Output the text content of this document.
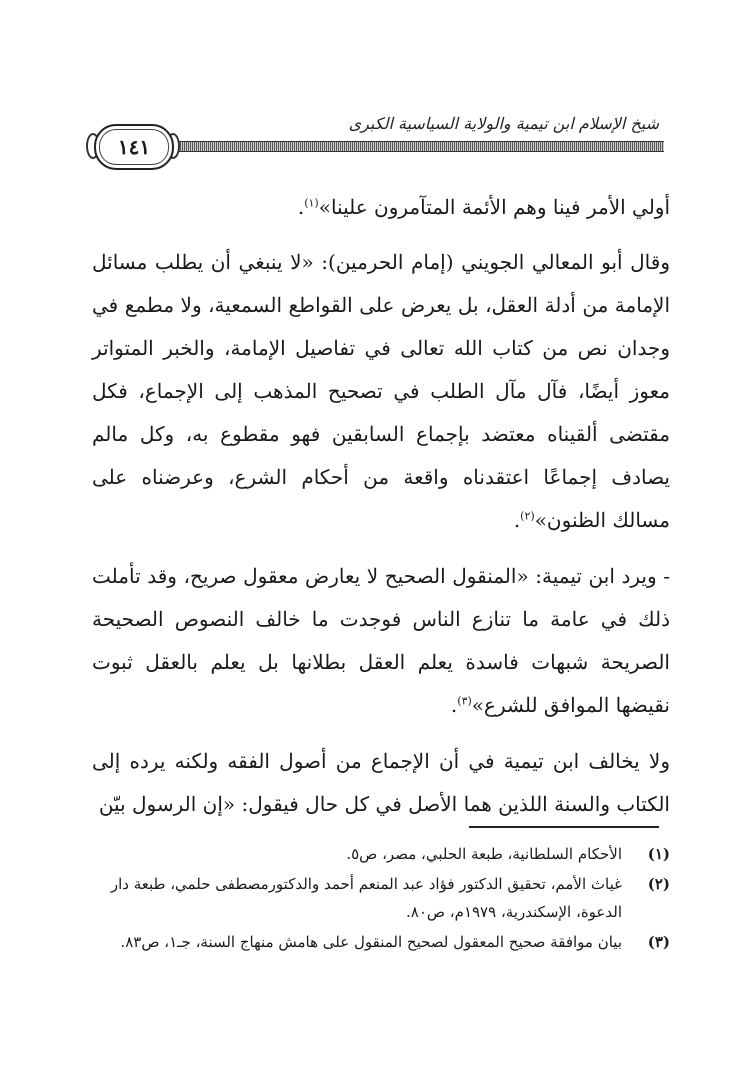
شيخ الإسلام ابن تيمية والولاية السياسية الكبرى
١٤١

أولي الأمر فينا وهم الأئمة المتآمرون علينا»$^{(١)}$.

وقال أبو المعالي الجويني (إمام الحرمين): «لا ينبغي أن يطلب مسائل الإمامة من أدلة العقل، بل يعرض على القواطع السمعية، ولا مطمع في وجدان نص من كتاب الله تعالى في تفاصيل الإمامة، والخبر المتواتر معوز أيضًا، فآل مآل الطلب في تصحيح المذهب إلى الإجماع، فكل مقتضى ألقيناه معتضد بإجماع السابقين فهو مقطوع به، وكل مالم يصادف إجماعًا اعتقدناه واقعة من أحكام الشرع، وعرضناه على مسالك الظنون»$^{(٢)}$.

- ويرد ابن تيمية: «المنقول الصحيح لا يعارض معقول صريح، وقد تأملت ذلك في عامة ما تنازع الناس فوجدت ما خالف النصوص الصحيحة الصريحة شبهات فاسدة يعلم العقل بطلانها بل يعلم بالعقل ثبوت نقيضها الموافق للشرع»$^{(٣)}$.

ولا يخالف ابن تيمية في أن الإجماع من أصول الفقه ولكنه يرده إلى الكتاب والسنة اللذين هما الأصل في كل حال فيقول: «إن الرسول بيّن

(١)
الأحكام السلطانية، طبعة الحلبي، مصر، ص٥.
(٢)
غياث الأمم، تحقيق الدكتور فؤاد عبد المنعم أحمد والدكتورمصطفى حلمي، طبعة دار الدعوة، الإسكندرية، ١٩٧٩م، ص٨٠.
(٣)
بيان موافقة صحيح المعقول لصحيح المنقول على هامش منهاج السنة، جـ١، ص٨٣.
